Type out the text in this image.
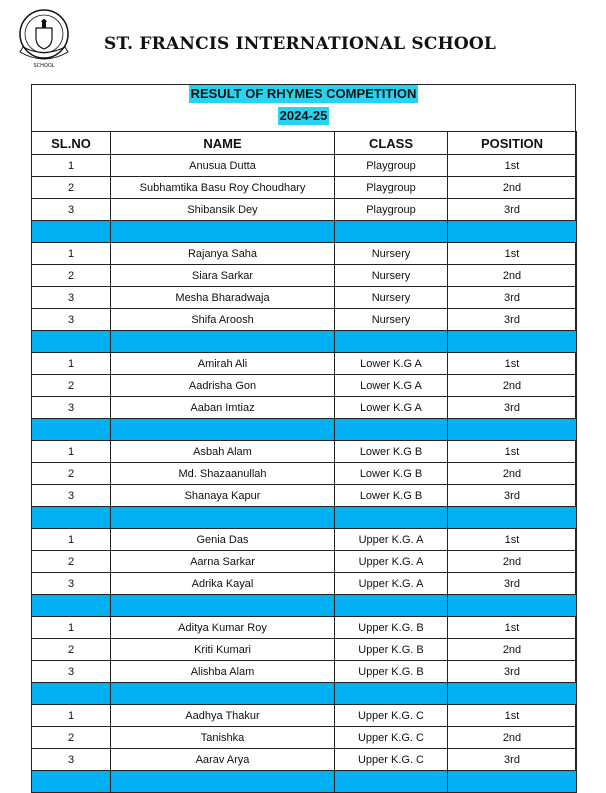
SCHOOL
ST. FRANCIS INTERNATIONAL SCHOOL
RESULT OF RHYMES COMPETITION
2024-25
SL.NO	NAME	CLASS	POSITION
1	Anusua Dutta	Playgroup	1st
2	Subhamtika Basu Roy Choudhary	Playgroup	2nd
3	Shibansik Dey	Playgroup	3rd

1	Rajanya Saha	Nursery	1st
2	Siara Sarkar	Nursery	2nd
3	Mesha Bharadwaja	Nursery	3rd
3	Shifa Aroosh	Nursery	3rd

1	Amirah Ali	Lower K.G A	1st
2	Aadrisha Gon	Lower K.G A	2nd
3	Aaban Imtiaz	Lower K.G A	3rd

1	Asbah Alam	Lower K.G B	1st
2	Md. Shazaanullah	Lower K.G B	2nd
3	Shanaya Kapur	Lower K.G B	3rd

1	Genia Das	Upper K.G. A	1st
2	Aarna Sarkar	Upper K.G. A	2nd
3	Adrika Kayal	Upper K.G. A	3rd

1	Aditya Kumar Roy	Upper K.G. B	1st
2	Kriti Kumari	Upper K.G. B	2nd
3	Alishba Alam	Upper K.G. B	3rd

1	Aadhya Thakur	Upper K.G. C	1st
2	Tanishka	Upper K.G. C	2nd
3	Aarav Arya	Upper K.G. C	3rd
